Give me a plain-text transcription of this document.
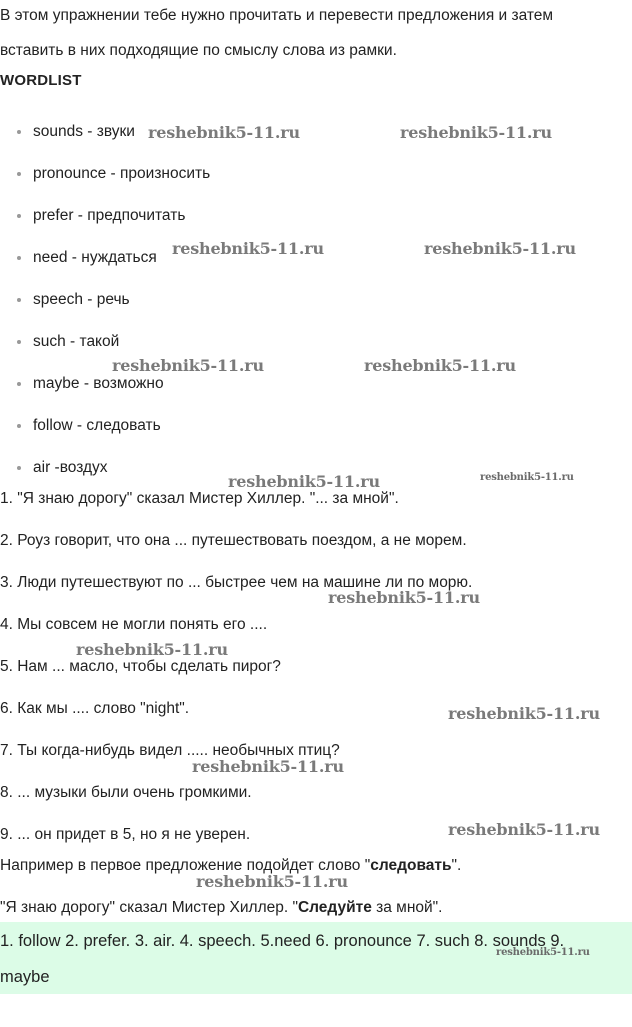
В этом упражнении тебе нужно прочитать и перевести предложения и затем
вставить в них подходящие по смыслу слова из рамки.
WORDLIST
sounds - звуки
pronounce - произносить
prefer - предпочитать
need - нуждаться
speech - речь
such - такой
maybe - возможно
follow - следовать
air -воздух
1. "Я знаю дорогу" сказал Мистер Хиллер. "... за мной".
2. Роуз говорит, что она ... путешествовать поездом, а не морем.
3. Люди путешествуют по ... быстрее чем на машине ли по морю.
4. Мы совсем не могли понять его ....
5. Нам ... масло, чтобы сделать пирог?
6. Как мы .... слово "night".
7. Ты когда-нибудь видел ..... необычных птиц?
8. ... музыки были очень громкими.
9. ... он придет в 5, но я не уверен.
Например в первое предложение подойдет слово "следовать".
"Я знаю дорогу" сказал Мистер Хиллер. "Следуйте за мной".
1. follow 2. prefer. 3. air. 4. speech. 5.need 6. pronounce 7. such 8. sounds 9.
maybe
reshebnik5-11.ru	reshebnik5-11.ru
reshebnik5-11.ru	reshebnik5-11.ru
reshebnik5-11.ru	reshebnik5-11.ru
reshebnik5-11.ru	reshebnik5-11.ru
reshebnik5-11.ru
reshebnik5-11.ru
reshebnik5-11.ru
reshebnik5-11.ru
reshebnik5-11.ru
reshebnik5-11.ru
reshebnik5-11.ru
